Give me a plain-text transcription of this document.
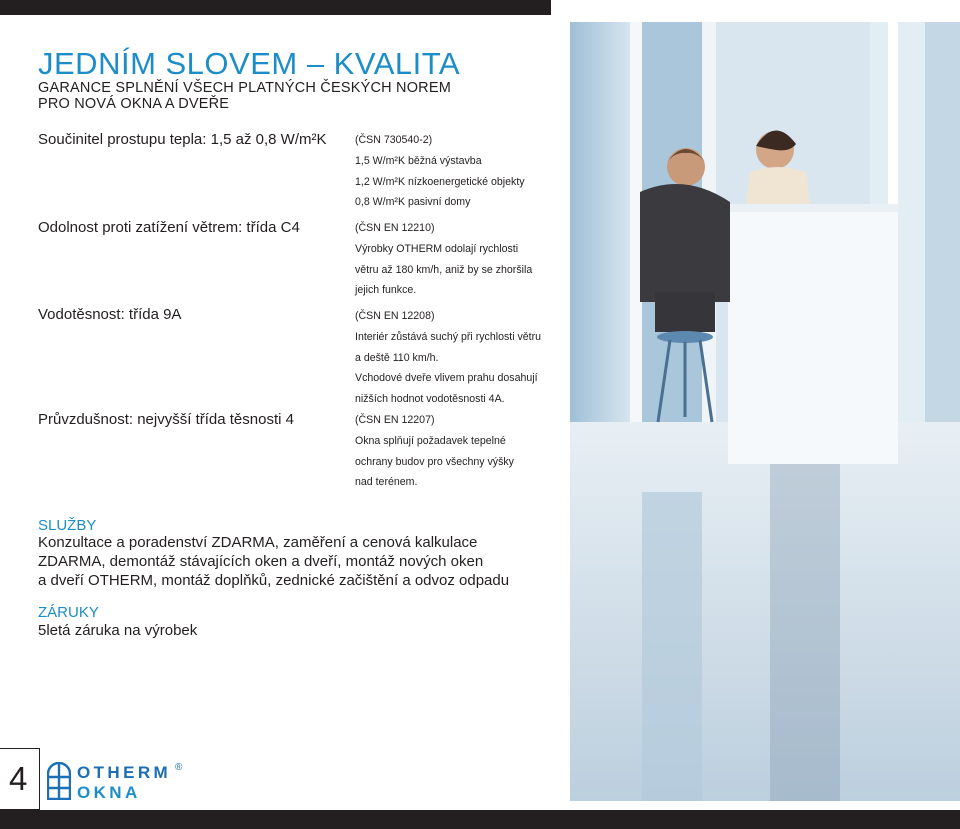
JEDNÍM SLOVEM – KVALITA
GARANCE SPLNĚNÍ VŠECH PLATNÝCH ČESKÝCH NOREM
PRO NOVÁ OKNA A DVEŘE
Součinitel prostupu tepla: 1,5 až 0,8 W/m²K	(ČSN 730540-2)
1,5 W/m²K běžná výstavba
1,2 W/m²K nízkoenergetické objekty
0,8 W/m²K pasivní domy
Odolnost proti zatížení větrem: třída C4	(ČSN EN 12210)
Výrobky OTHERM odolají rychlosti
větru až 180 km/h, aniž by se zhoršila
jejich funkce.
Vodotěsnost: třída 9A	(ČSN EN 12208)
Interiér zůstává suchý při rychlosti větru
a deště 110 km/h.
Vchodové dveře vlivem prahu dosahují
nižších hodnot vodotěsnosti 4A.
Průvzdušnost: nejvyšší třída těsnosti 4	(ČSN EN 12207)
Okna splňují požadavek tepelné
ochrany budov pro všechny výšky
nad terénem.
SLUŽBY
Konzultace a poradenství ZDARMA, zaměření a cenová kalkulace
ZDARMA, demontáž stávajících oken a dveří, montáž nových oken
a dveří OTHERM, montáž doplňků, zednické začištění a odvoz odpadu
ZÁRUKY
5letá záruka na výrobek
4	OTHERM
OKNA
®
